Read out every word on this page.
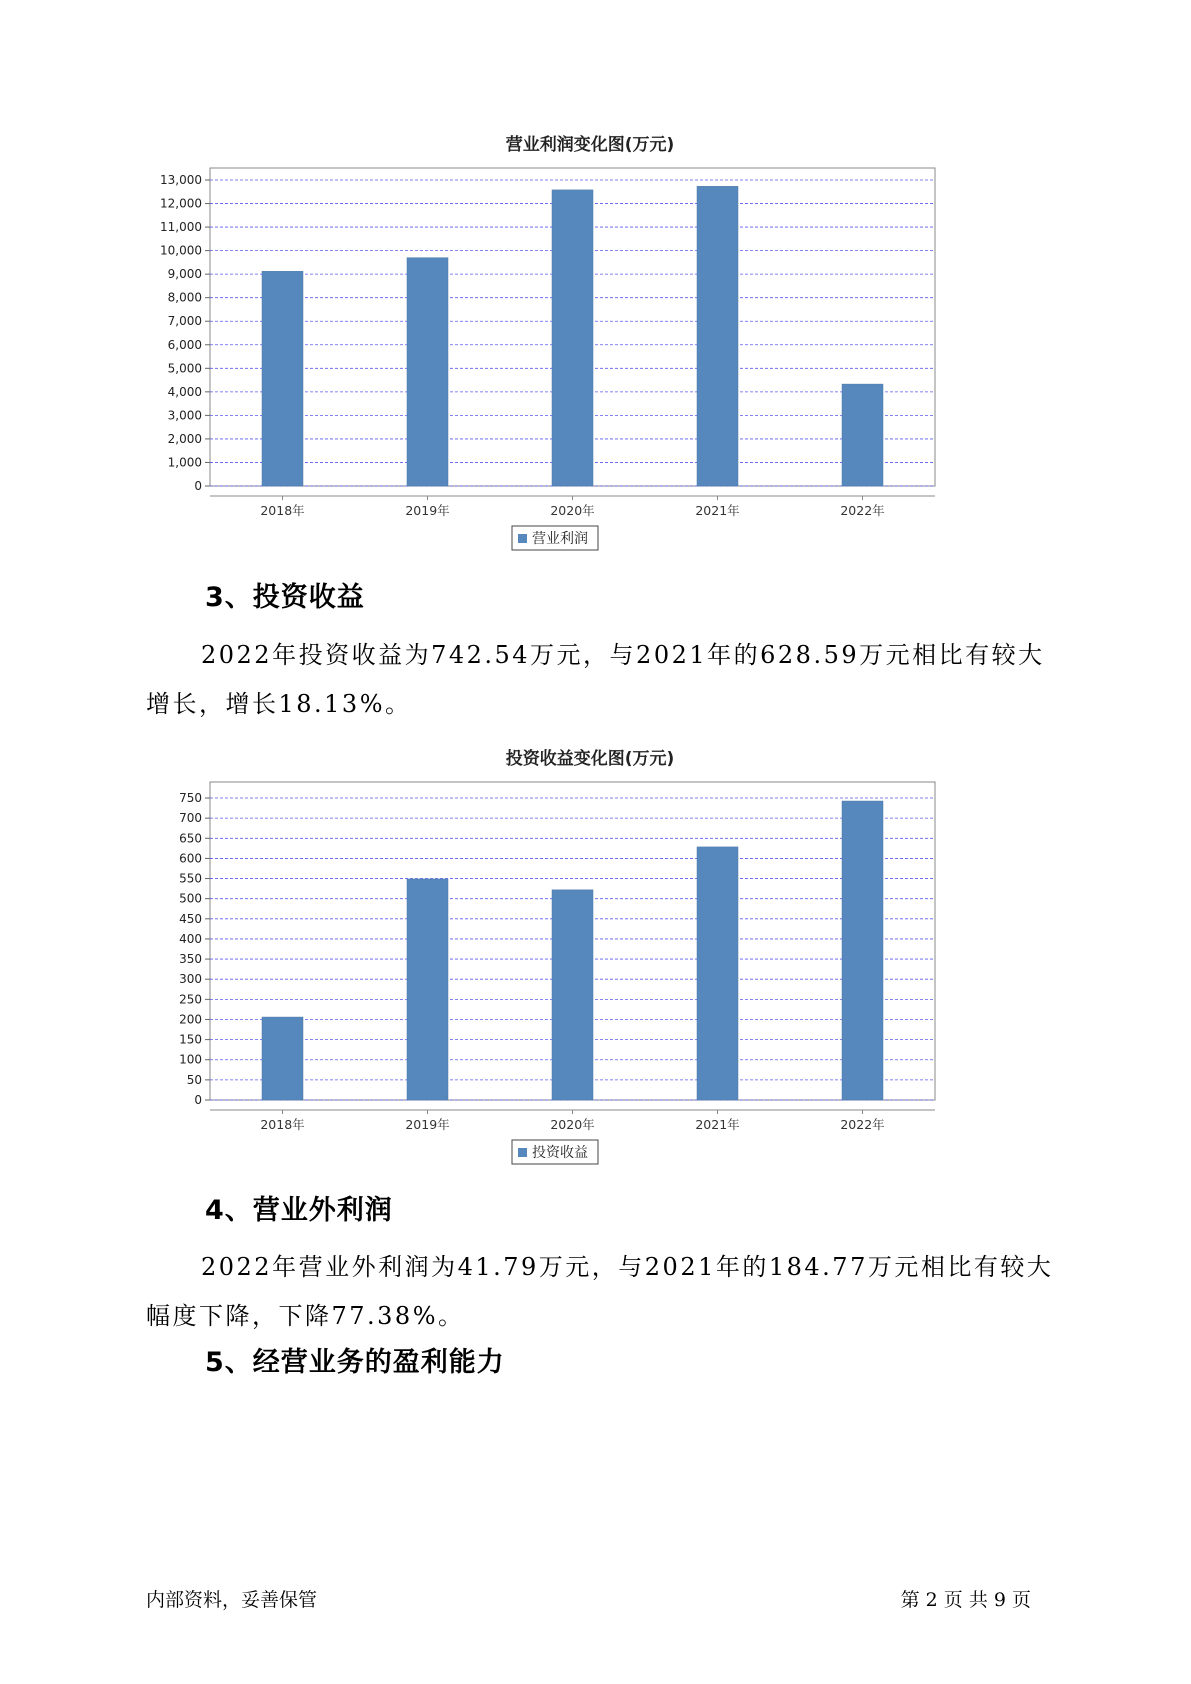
营业利润变化图(万元)
0
1,000
2,000
3,000
4,000
5,000
6,000
7,000
8,000
9,000
10,000
11,000
12,000
13,000
2018年	2019年	2020年	2021年	2022年
营业利润
3、投资收益
2022年投资收益为742.54万元，与2021年的628.59万元相比有较大增长，增长18.13%。
投资收益变化图(万元)
0
50
100
150
200
250
300
350
400
450
500
550
600
650
700
750
2018年	2019年	2020年	2021年	2022年
投资收益
4、营业外利润
2022年营业外利润为41.79万元，与2021年的184.77万元相比有较大幅度下降，下降77.38%。
5、经营业务的盈利能力
内部资料，妥善保管	第 2 页 共 9 页
